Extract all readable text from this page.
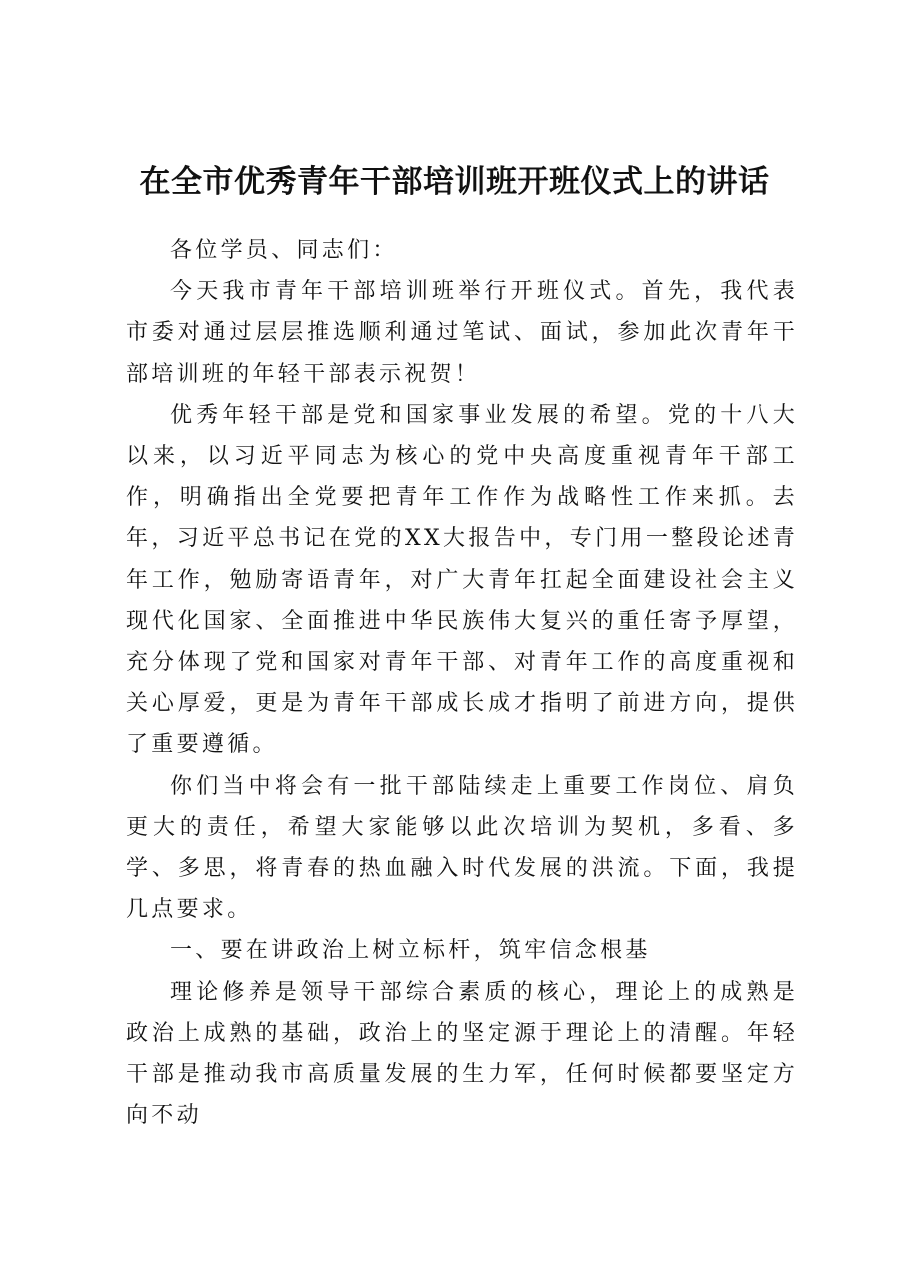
在全市优秀青年干部培训班开班仪式上的讲话

各位学员、同志们：

今天我市青年干部培训班举行开班仪式。首先，我代表市委对通过层层推选顺利通过笔试、面试，参加此次青年干部培训班的年轻干部表示祝贺！

优秀年轻干部是党和国家事业发展的希望。党的十八大以来，以习近平同志为核心的党中央高度重视青年干部工作，明确指出全党要把青年工作作为战略性工作来抓。去年，习近平总书记在党的XX大报告中，专门用一整段论述青年工作，勉励寄语青年，对广大青年扛起全面建设社会主义现代化国家、全面推进中华民族伟大复兴的重任寄予厚望，充分体现了党和国家对青年干部、对青年工作的高度重视和关心厚爱，更是为青年干部成长成才指明了前进方向，提供了重要遵循。

你们当中将会有一批干部陆续走上重要工作岗位、肩负更大的责任，希望大家能够以此次培训为契机，多看、多学、多思，将青春的热血融入时代发展的洪流。下面，我提几点要求。

一、要在讲政治上树立标杆，筑牢信念根基

理论修养是领导干部综合素质的核心，理论上的成熟是政治上成熟的基础，政治上的坚定源于理论上的清醒。年轻干部是推动我市高质量发展的生力军，任何时候都要坚定方向不动
